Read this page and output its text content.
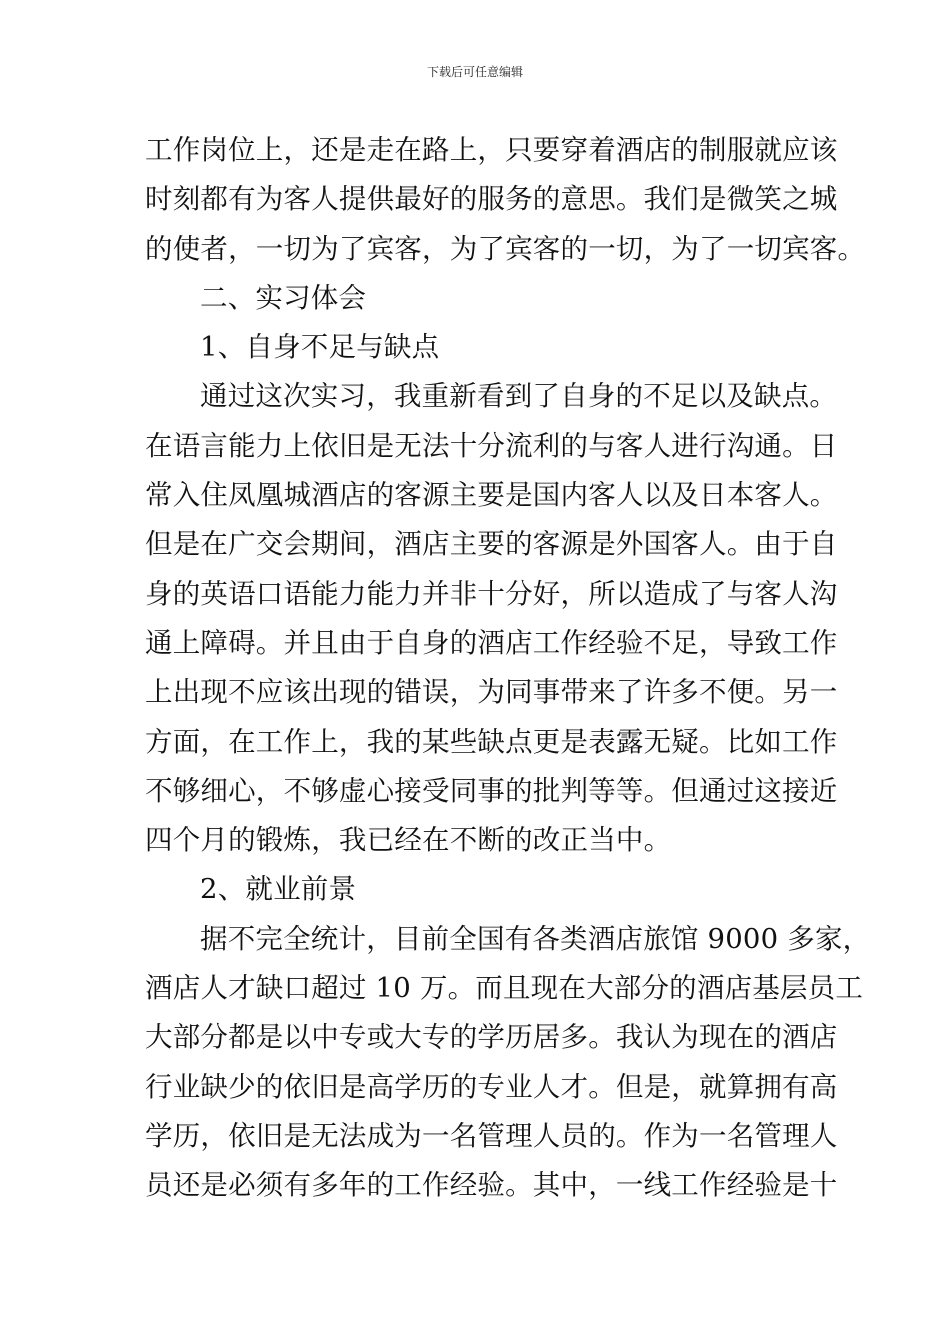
下载后可任意编辑
工作岗位上，还是走在路上，只要穿着酒店的制服就应该
时刻都有为客人提供最好的服务的意思。我们是微笑之城
的使者，一切为了宾客，为了宾客的一切，为了一切宾客。
二、实习体会
1、自身不足与缺点
通过这次实习，我重新看到了自身的不足以及缺点。
在语言能力上依旧是无法十分流利的与客人进行沟通。日
常入住凤凰城酒店的客源主要是国内客人以及日本客人。
但是在广交会期间，酒店主要的客源是外国客人。由于自
身的英语口语能力能力并非十分好，所以造成了与客人沟
通上障碍。并且由于自身的酒店工作经验不足，导致工作
上出现不应该出现的错误，为同事带来了许多不便。另一
方面，在工作上，我的某些缺点更是表露无疑。比如工作
不够细心，不够虚心接受同事的批判等等。但通过这接近
四个月的锻炼，我已经在不断的改正当中。
2、就业前景
据不完全统计，目前全国有各类酒店旅馆 9000 多家，
酒店人才缺口超过 10 万。而且现在大部分的酒店基层员工
大部分都是以中专或大专的学历居多。我认为现在的酒店
行业缺少的依旧是高学历的专业人才。但是，就算拥有高
学历，依旧是无法成为一名管理人员的。作为一名管理人
员还是必须有多年的工作经验。其中，一线工作经验是十
